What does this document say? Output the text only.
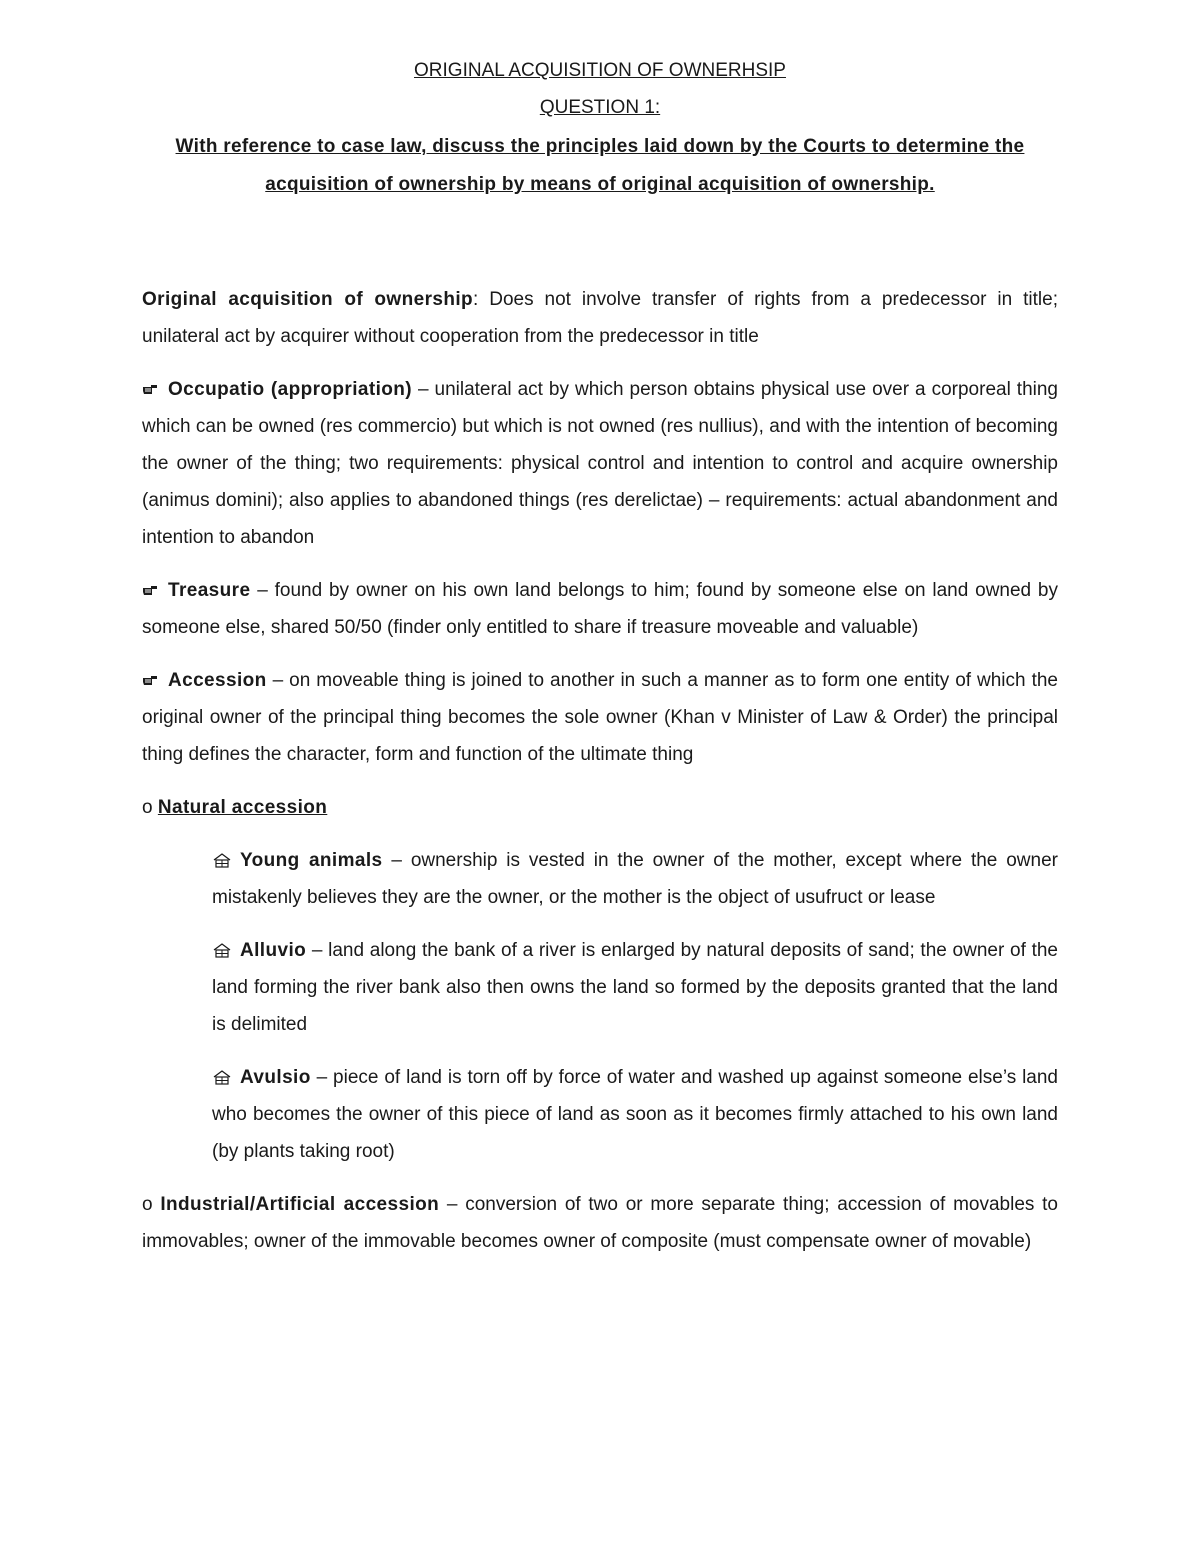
ORIGINAL ACQUISITION OF OWNERHSIP

QUESTION 1:

With reference to case law, discuss the principles laid down by the Courts to determine the acquisition of ownership by means of original acquisition of ownership.

Original acquisition of ownership: Does not involve transfer of rights from a predecessor in title; unilateral act by acquirer without cooperation from the predecessor in title

Occupatio (appropriation) – unilateral act by which person obtains physical use over a corporeal thing which can be owned (res commercio) but which is not owned (res nullius), and with the intention of becoming the owner of the thing; two requirements: physical control and intention to control and acquire ownership (animus domini); also applies to abandoned things (res derelictae) – requirements: actual abandonment and intention to abandon

Treasure – found by owner on his own land belongs to him; found by someone else on land owned by someone else, shared 50/50 (finder only entitled to share if treasure moveable and valuable)

Accession – on moveable thing is joined to another in such a manner as to form one entity of which the original owner of the principal thing becomes the sole owner (Khan v Minister of Law & Order) the principal thing defines the character, form and function of the ultimate thing

o Natural accession

Young animals – ownership is vested in the owner of the mother, except where the owner mistakenly believes they are the owner, or the mother is the object of usufruct or lease

Alluvio – land along the bank of a river is enlarged by natural deposits of sand; the owner of the land forming the river bank also then owns the land so formed by the deposits granted that the land is delimited

Avulsio – piece of land is torn off by force of water and washed up against someone else’s land who becomes the owner of this piece of land as soon as it becomes firmly attached to his own land (by plants taking root)

o Industrial/Artificial accession – conversion of two or more separate thing; accession of movables to immovables; owner of the immovable becomes owner of composite (must compensate owner of movable)
